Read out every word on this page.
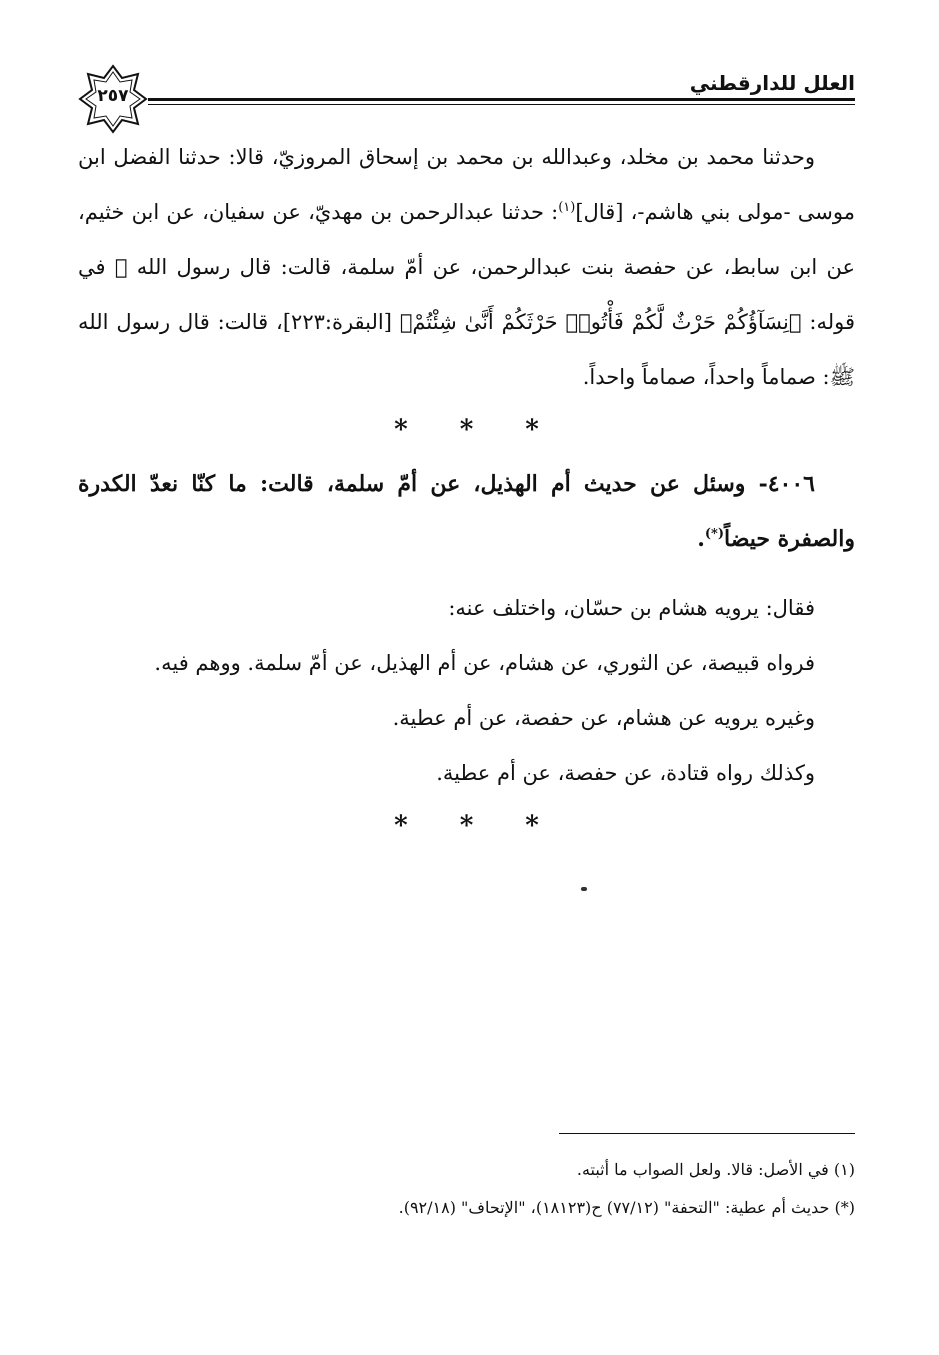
العلل للدارقطني
٢٥٧

وحدثنا محمد بن مخلد، وعبدالله بن محمد بن إسحاق المروزيّ، قالا: حدثنا الفضل ابن موسى -مولى بني هاشم-، [قال]$^{(١)}$: حدثنا عبدالرحمن بن مهديّ، عن سفيان، عن ابن خثيم، عن ابن سابط، عن حفصة بنت عبدالرحمن، عن أمّ سلمة، قالت: قال رسول الله ﷺ في قوله: ﴿نِسَآؤُكُمْ حَرْثٌ لَّكُمْ فَأْتُوا۟ حَرْثَكُمْ أَنَّىٰ شِئْتُمْ﴾ [البقرة:٢٢٣]، قالت: قال رسول الله ﷺ: صماماً واحداً، صماماً واحداً.

* * *

٤٠٠٦- وسئل عن حديث أم الهذيل، عن أمّ سلمة، قالت: ما كنّا نعدّ الكدرة والصفرة حيضاً(*).

فقال: يرويه هشام بن حسّان، واختلف عنه:

فرواه قبيصة، عن الثوري، عن هشام، عن أم الهذيل، عن أمّ سلمة. ووهم فيه.

وغيره يرويه عن هشام، عن حفصة، عن أم عطية.

وكذلك رواه قتادة، عن حفصة، عن أم عطية.

* * *

(١) في الأصل: قالا. ولعل الصواب ما أثبته.

(*) حديث أم عطية: "التحفة" (٧٧/١٢) ح(١٨١٢٣)، "الإتحاف" (٩٢/١٨).
